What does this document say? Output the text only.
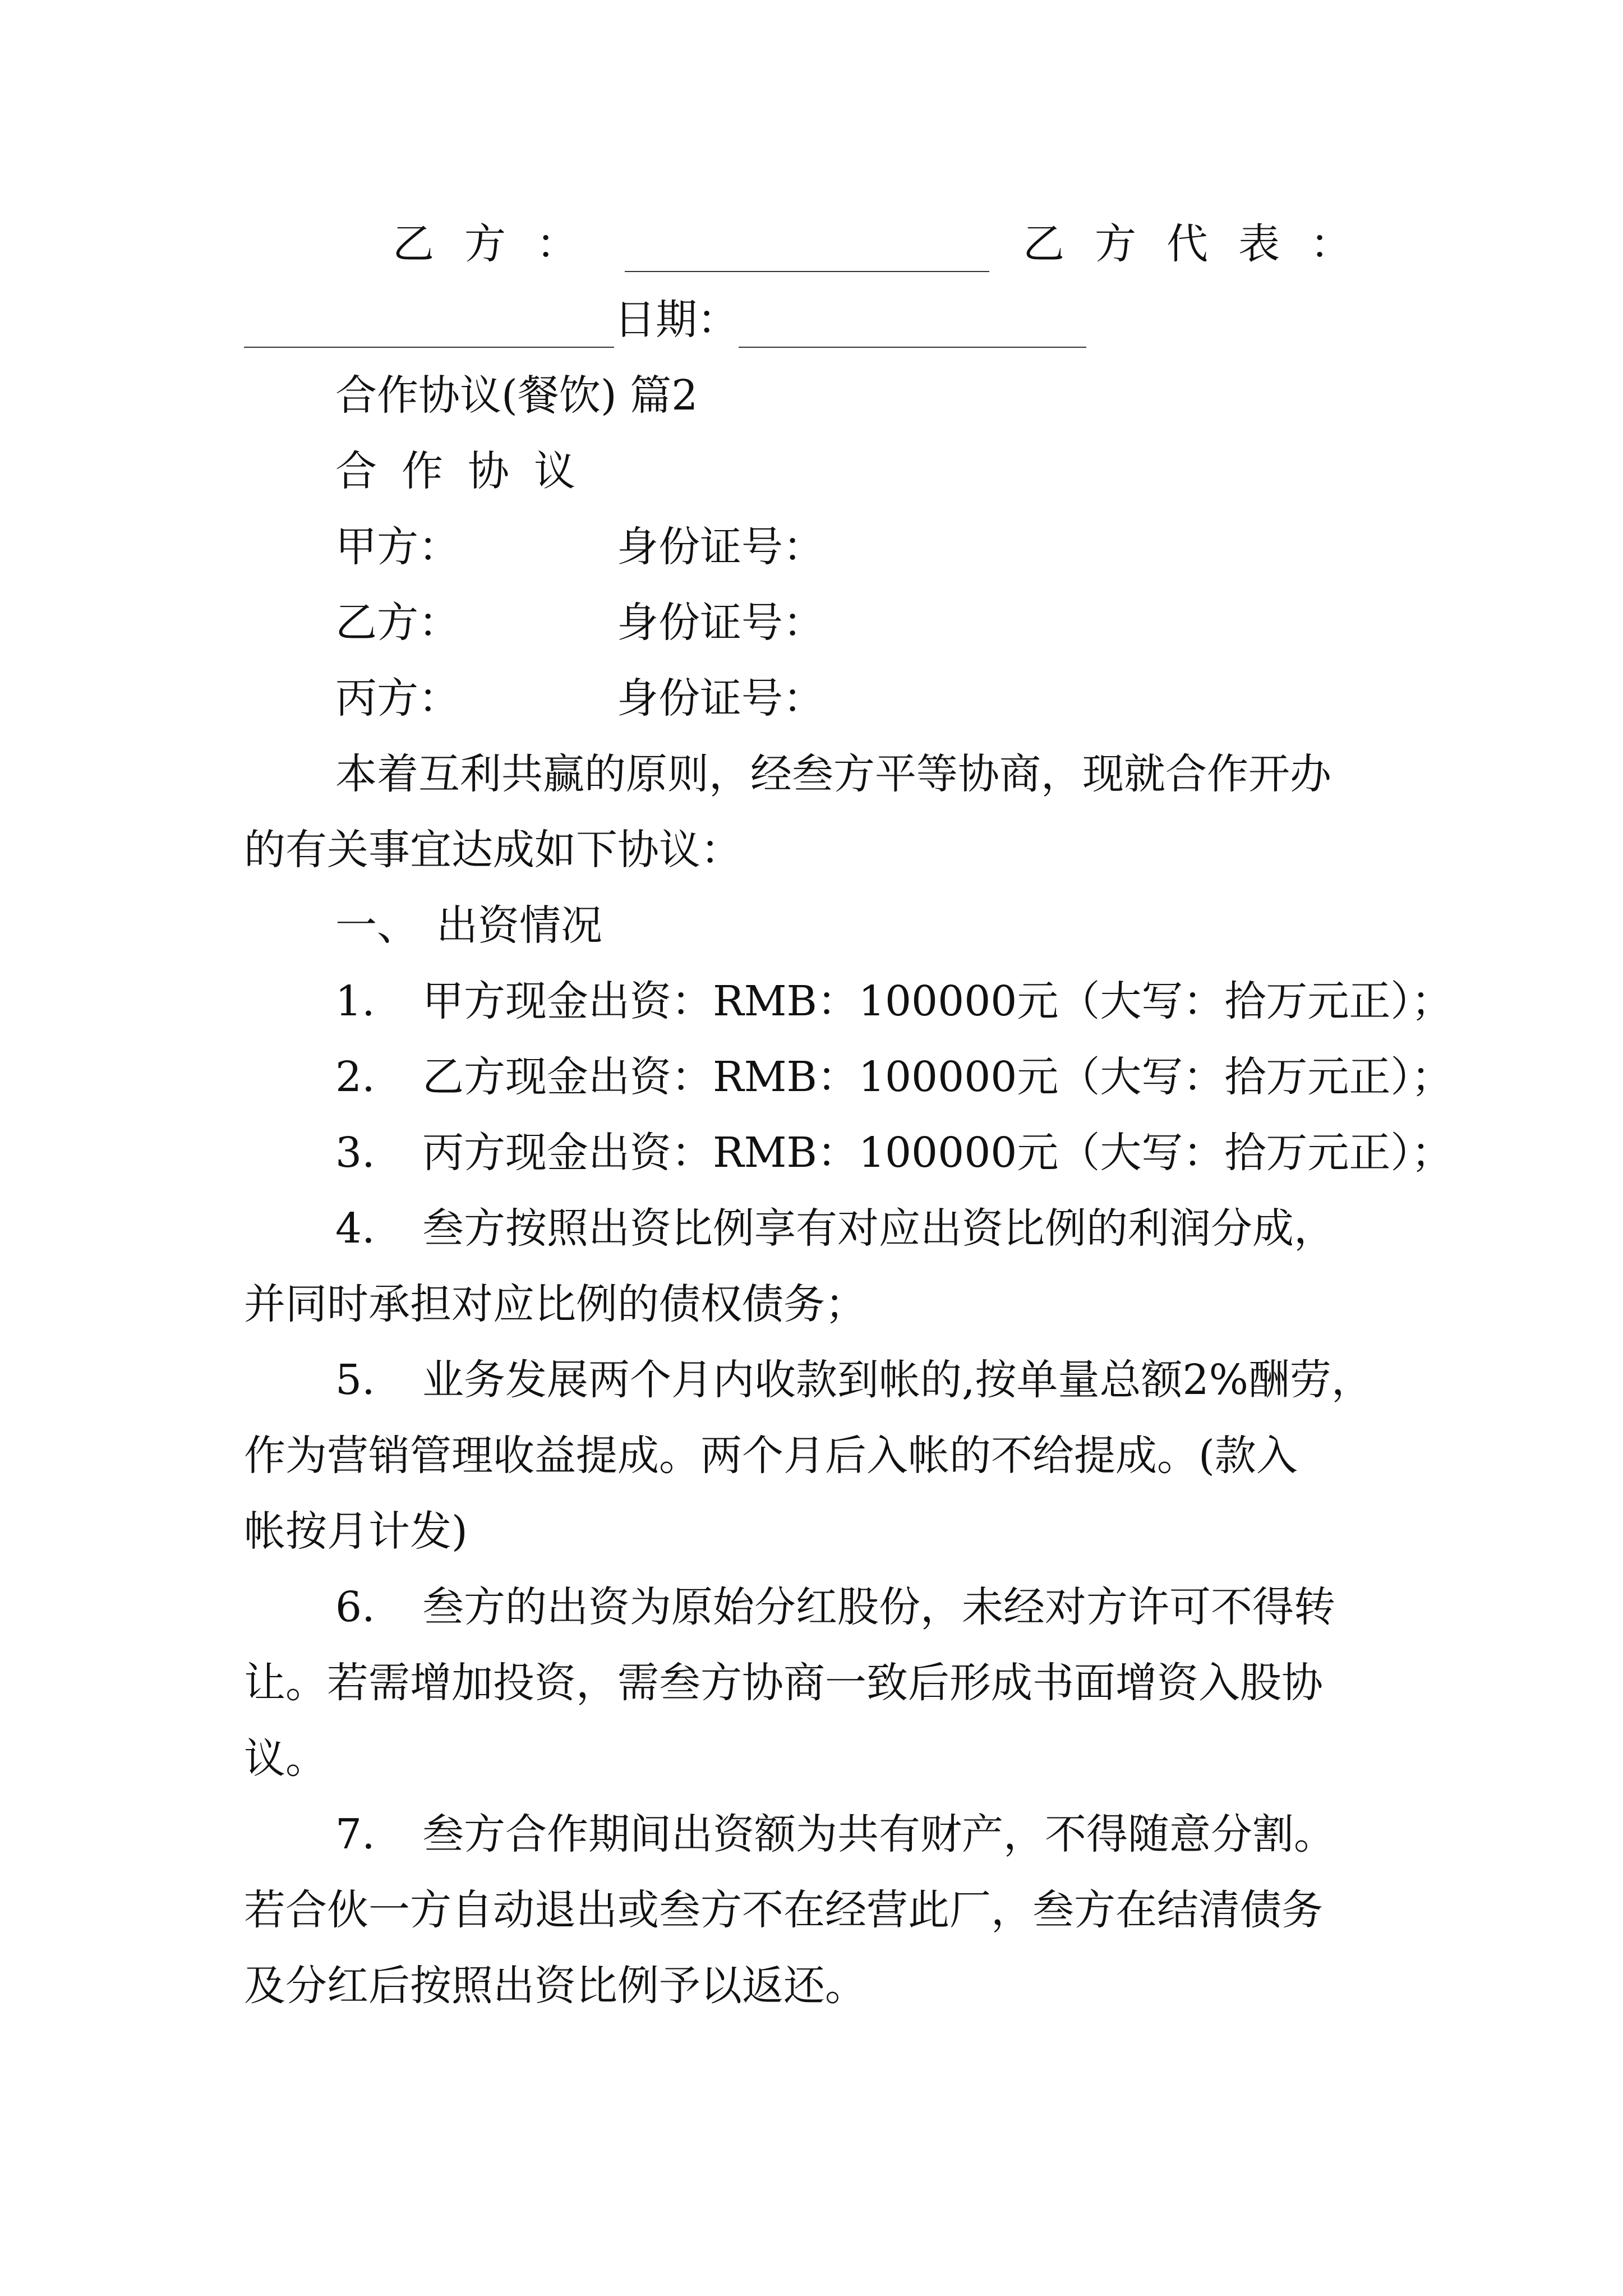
乙方：	乙方代表：
日期：
合作协议(餐饮) 篇2
合作协议
甲方：	身份证号：
乙方：	身份证号：
丙方：	身份证号：
本着互利共赢的原则，经叁方平等协商，现就合作开办
的有关事宜达成如下协议：
一、 出资情况
1. 甲方现金出资：RMB：100000元（大写：拾万元正）；
2. 乙方现金出资：RMB：100000元（大写：拾万元正）；
3. 丙方现金出资：RMB：100000元（大写：拾万元正）；
4. 叁方按照出资比例享有对应出资比例的利润分成，
并同时承担对应比例的债权债务；
5. 业务发展两个月内收款到帐的,按单量总额2%酬劳，
作为营销管理收益提成。两个月后入帐的不给提成。(款入
帐按月计发)
6. 叁方的出资为原始分红股份，未经对方许可不得转
让。若需增加投资，需叁方协商一致后形成书面增资入股协
议。
7. 叁方合作期间出资额为共有财产，不得随意分割。
若合伙一方自动退出或叁方不在经营此厂，叁方在结清债务
及分红后按照出资比例予以返还。
